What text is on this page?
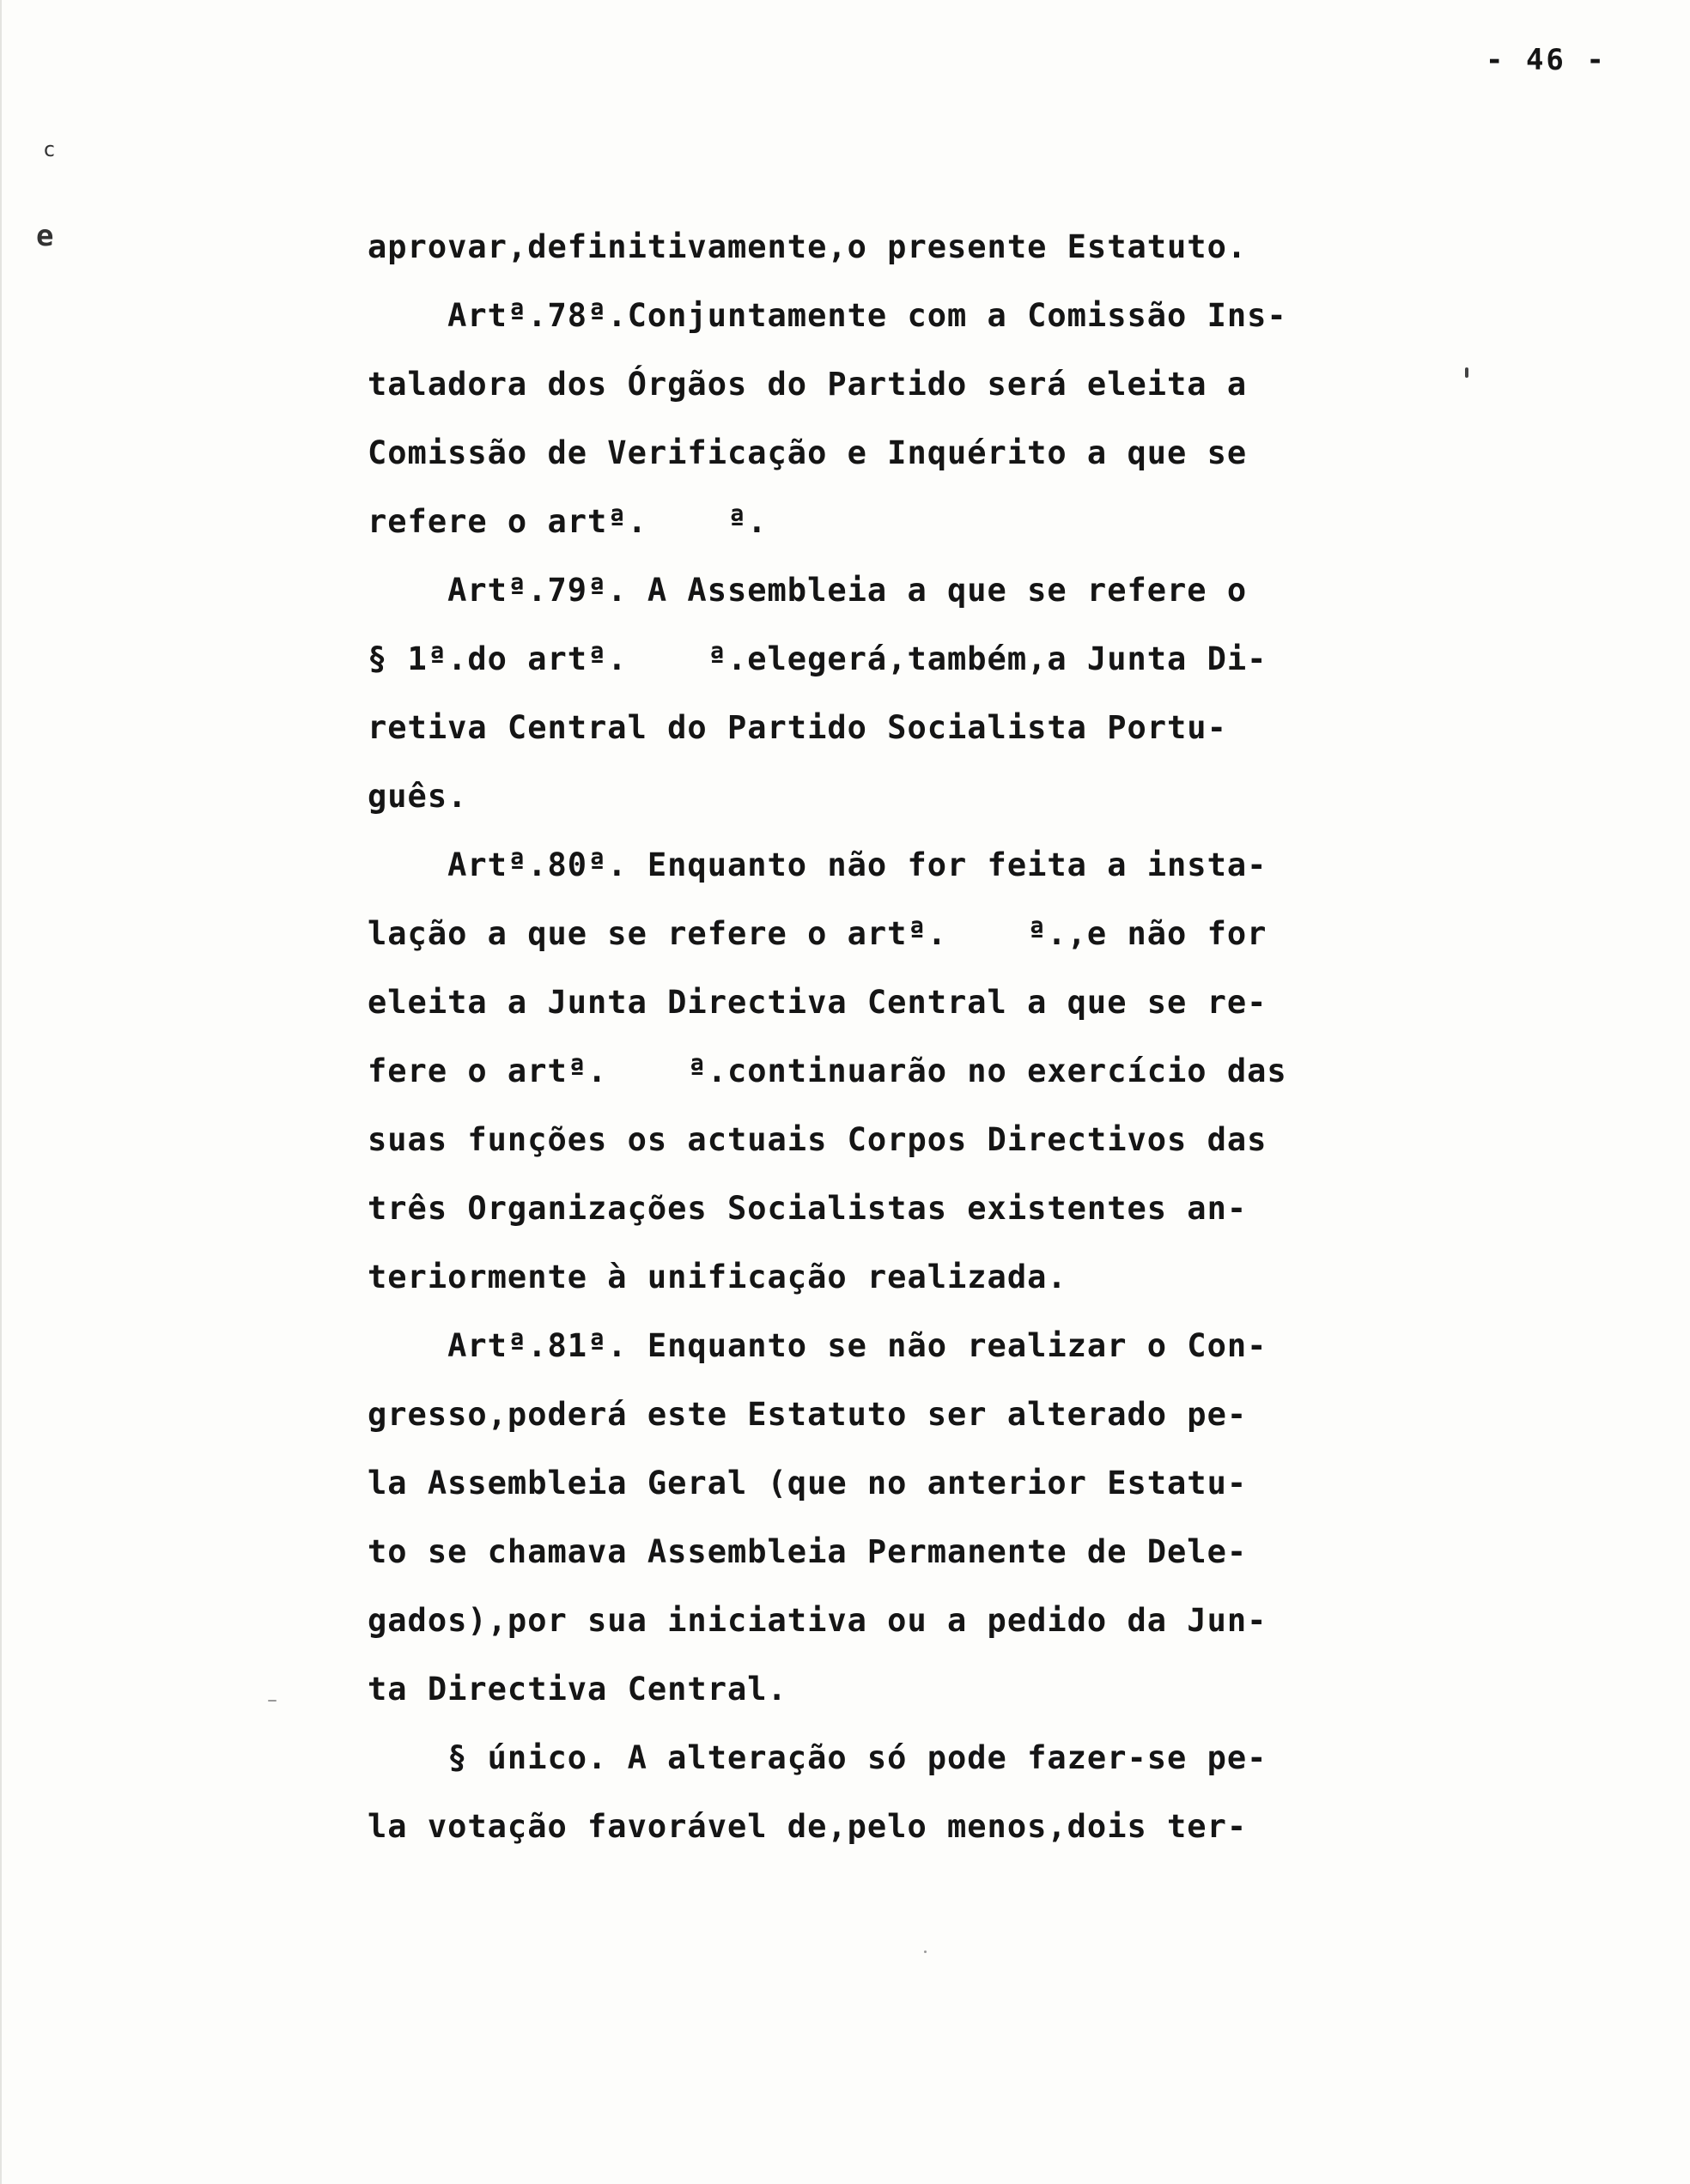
- 46 -
c
e	aprovar,definitivamente,o presente Estatuto.
Artª.78ª.Conjuntamente com a Comissão Ins-
taladora dos Órgãos do Partido será eleita a
Comissão de Verificação e Inquérito a que se
refere o artª.    ª.
Artª.79ª. A Assembleia a que se refere o
§ 1ª.do artª.    ª.elegerá,também,a Junta Di-
retiva Central do Partido Socialista Portu-
guês.
Artª.80ª. Enquanto não for feita a insta-
lação a que se refere o artª.    ª.,e não for
eleita a Junta Directiva Central a que se re-
fere o artª.    ª.continuarão no exercício das
suas funções os actuais Corpos Directivos das
três Organizações Socialistas existentes an-
teriormente à unificação realizada.
Artª.81ª. Enquanto se não realizar o Con-
gresso,poderá este Estatuto ser alterado pe-
la Assembleia Geral (que no anterior Estatu-
to se chamava Assembleia Permanente de Dele-
gados),por sua iniciativa ou a pedido da Jun-
ta Directiva Central.
§ único. A alteração só pode fazer-se pe-
la votação favorável de,pelo menos,dois ter-
